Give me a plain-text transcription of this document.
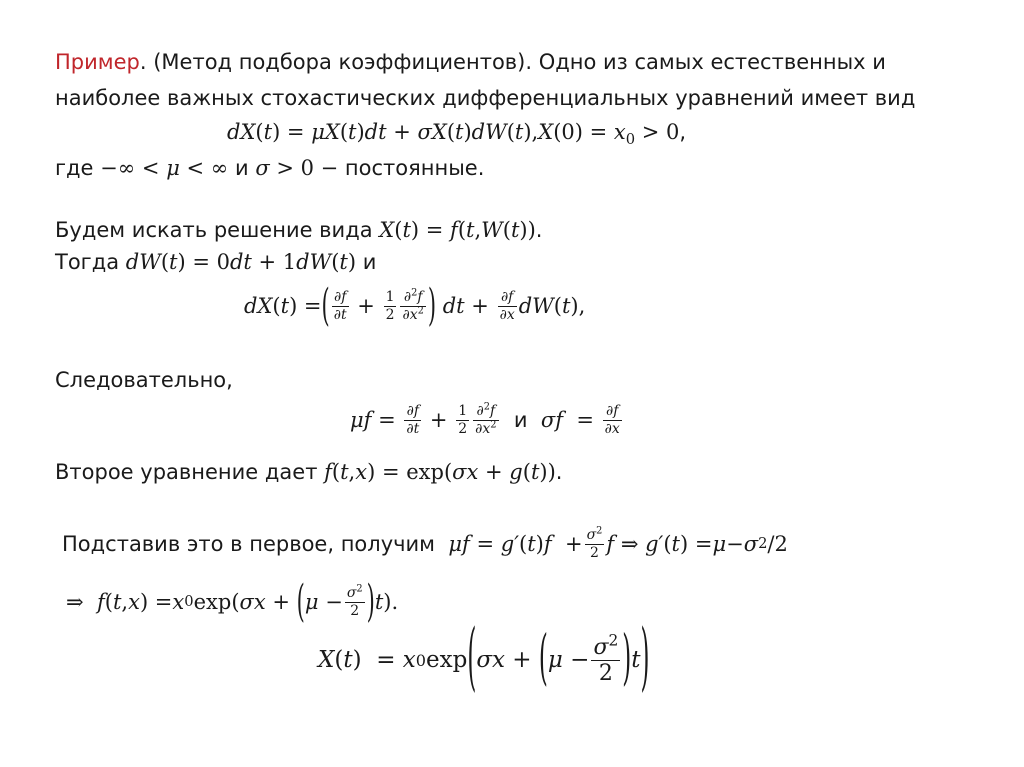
Пример. (Метод подбора коэффициентов). Одно из самых естественных и
наиболее важных стохастических дифференциальных уравнений имеет вид
$dX(t) = \mu X(t)dt + \sigma X(t)dW(t),X(0) = x_0 > 0$,
где −∞ < μ < ∞ и σ > 0 − постоянные.
Будем искать решение вида X(t) = f(t,W(t)).
Тогда dW(t) = 0dt + 1dW(t) и
dX ( t ) = ( $\frac{\partial f}{\partial t} + \frac{1}{2} \frac{\partial^2f}{\partial x^2}$ ) dt + $\frac{\partial f}{\partial x}$ dW ( t ),
Следовательно,
$\mu f = \frac{\partial f}{\partial t} + \frac{1}{2} \frac{\partial^2f}{\partial x^2}$
и
$\sigma f = \frac{\partial f}{\partial x}$
Второе уравнение дает f(t,x) = exp(σx + g(t)).
Подставив это в первое, получим
μf = g′ ( t ) $f + \frac{\sigma^2}{2}$ f ⇒ g′ ( t ) = μ − σ 2 /2
⇒
f ( t , x ) = x 0 exp ( σx + ( $\mu - \frac{\sigma^2}{2}$ ) t ).
X ( t )  = x 0 exp ( σx + ( $\mu - \frac{\sigma^2}{2}$ ) t )
